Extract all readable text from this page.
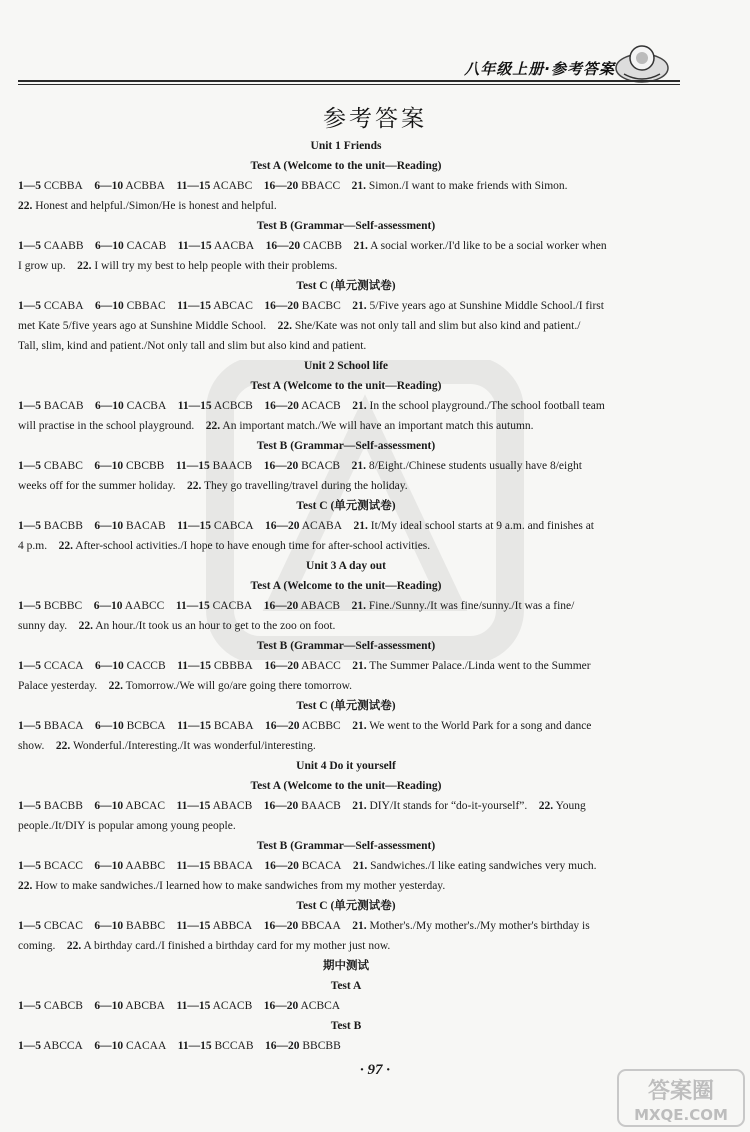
八年级上册·参考答案
参考答案
Unit 1 Friends
Test A (Welcome to the unit—Reading)
1—5 CCBBA    6—10 ACBBA    11—15 ACABC    16—20 BBACC    21. Simon./I want to make friends with Simon.
22. Honest and helpful./Simon/He is honest and helpful.
Test B (Grammar—Self-assessment)
1—5 CAABB    6—10 CACAB    11—15 AACBA    16—20 CACBB    21. A social worker./I'd like to be a social worker when
I grow up.    22. I will try my best to help people with their problems.
Test C (单元测试卷)
1—5 CCABA    6—10 CBBAC    11—15 ABCAC    16—20 BACBC    21. 5/Five years ago at Sunshine Middle School./I first
met Kate 5/five years ago at Sunshine Middle School.    22. She/Kate was not only tall and slim but also kind and patient./
Tall, slim, kind and patient./Not only tall and slim but also kind and patient.
Unit 2 School life
Test A (Welcome to the unit—Reading)
1—5 BACAB    6—10 CACBA    11—15 ACBCB    16—20 ACACB    21. In the school playground./The school football team
will practise in the school playground.    22. An important match./We will have an important match this autumn.
Test B (Grammar—Self-assessment)
1—5 CBABC    6—10 CBCBB    11—15 BAACB    16—20 BCACB    21. 8/Eight./Chinese students usually have 8/eight
weeks off for the summer holiday.    22. They go travelling/travel during the holiday.
Test C (单元测试卷)
1—5 BACBB    6—10 BACAB    11—15 CABCA    16—20 ACABA    21. It/My ideal school starts at 9 a.m. and finishes at
4 p.m.    22. After-school activities./I hope to have enough time for after-school activities.
Unit 3 A day out
Test A (Welcome to the unit—Reading)
1—5 BCBBC    6—10 AABCC    11—15 CACBA    16—20 ABACB    21. Fine./Sunny./It was fine/sunny./It was a fine/
sunny day.    22. An hour./It took us an hour to get to the zoo on foot.
Test B (Grammar—Self-assessment)
1—5 CCACA    6—10 CACCB    11—15 CBBBA    16—20 ABACC    21. The Summer Palace./Linda went to the Summer
Palace yesterday.    22. Tomorrow./We will go/are going there tomorrow.
Test C (单元测试卷)
1—5 BBACA    6—10 BCBCA    11—15 BCABA    16—20 ACBBC    21. We went to the World Park for a song and dance
show.    22. Wonderful./Interesting./It was wonderful/interesting.
Unit 4 Do it yourself
Test A (Welcome to the unit—Reading)
1—5 BACBB    6—10 ABCAC    11—15 ABACB    16—20 BAACB    21. DIY/It stands for “do-it-yourself”.    22. Young
people./It/DIY is popular among young people.
Test B (Grammar—Self-assessment)
1—5 BCACC    6—10 AABBC    11—15 BBACA    16—20 BCACA    21. Sandwiches./I like eating sandwiches very much.
22. How to make sandwiches./I learned how to make sandwiches from my mother yesterday.
Test C (单元测试卷)
1—5 CBCAC    6—10 BABBC    11—15 ABBCA    16—20 BBCAA    21. Mother's./My mother's./My mother's birthday is
coming.    22. A birthday card./I finished a birthday card for my mother just now.
期中测试
Test A
1—5 CABCB    6—10 ABCBA    11—15 ACACB    16—20 ACBCA
Test B
1—5 ABCCA    6—10 CACAA    11—15 BCCAB    16—20 BBCBB
· 97 ·
答案圈
MXQE.COM
